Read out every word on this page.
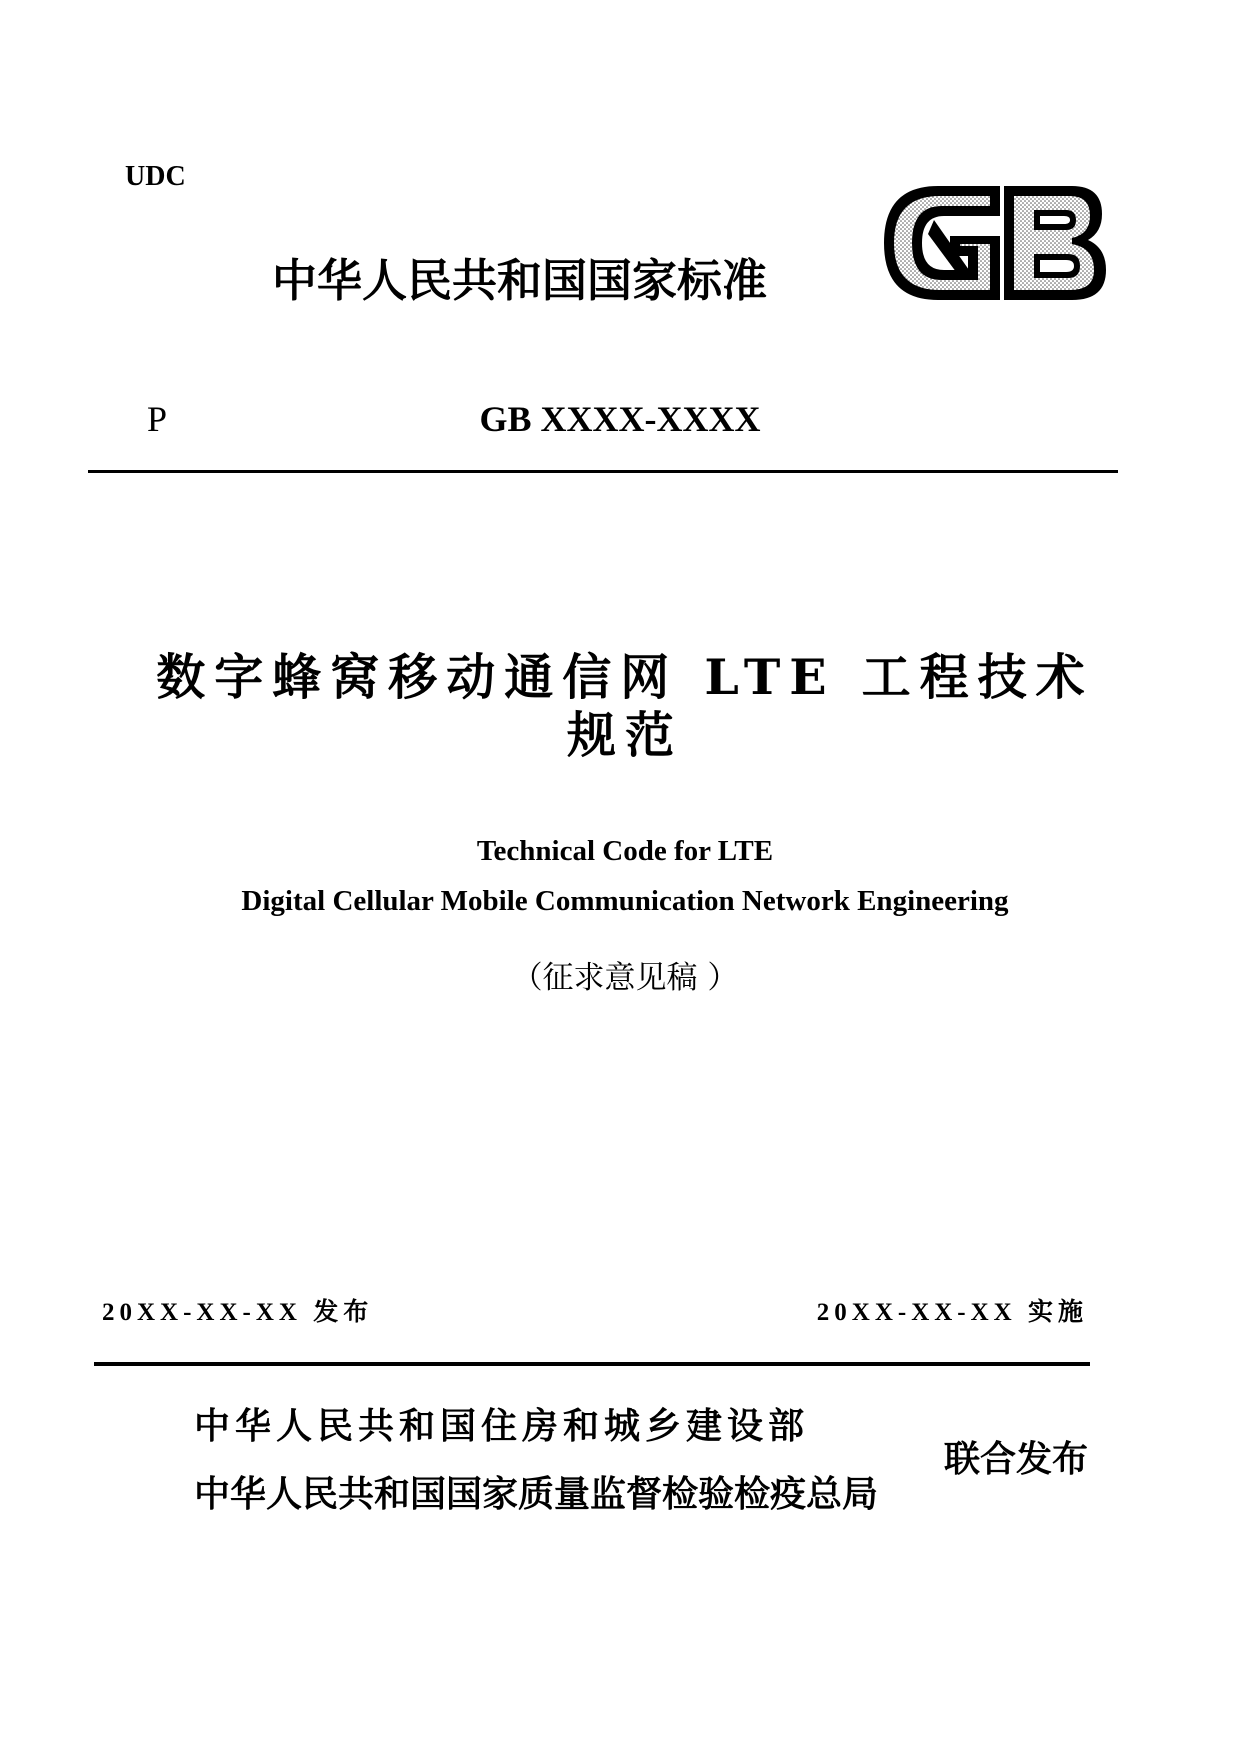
UDC
中华人民共和国国家标准
P	GB XXXX-XXXX
数字蜂窝移动通信网 LTE 工程技术
规范
Technical Code for LTE
Digital Cellular Mobile Communication Network Engineering
（征求意见稿 ）
20XX-XX-XX 发布	20XX-XX-XX 实施
中华人民共和国住房和城乡建设部
中华人民共和国国家质量监督检验检疫总局
联合发布
